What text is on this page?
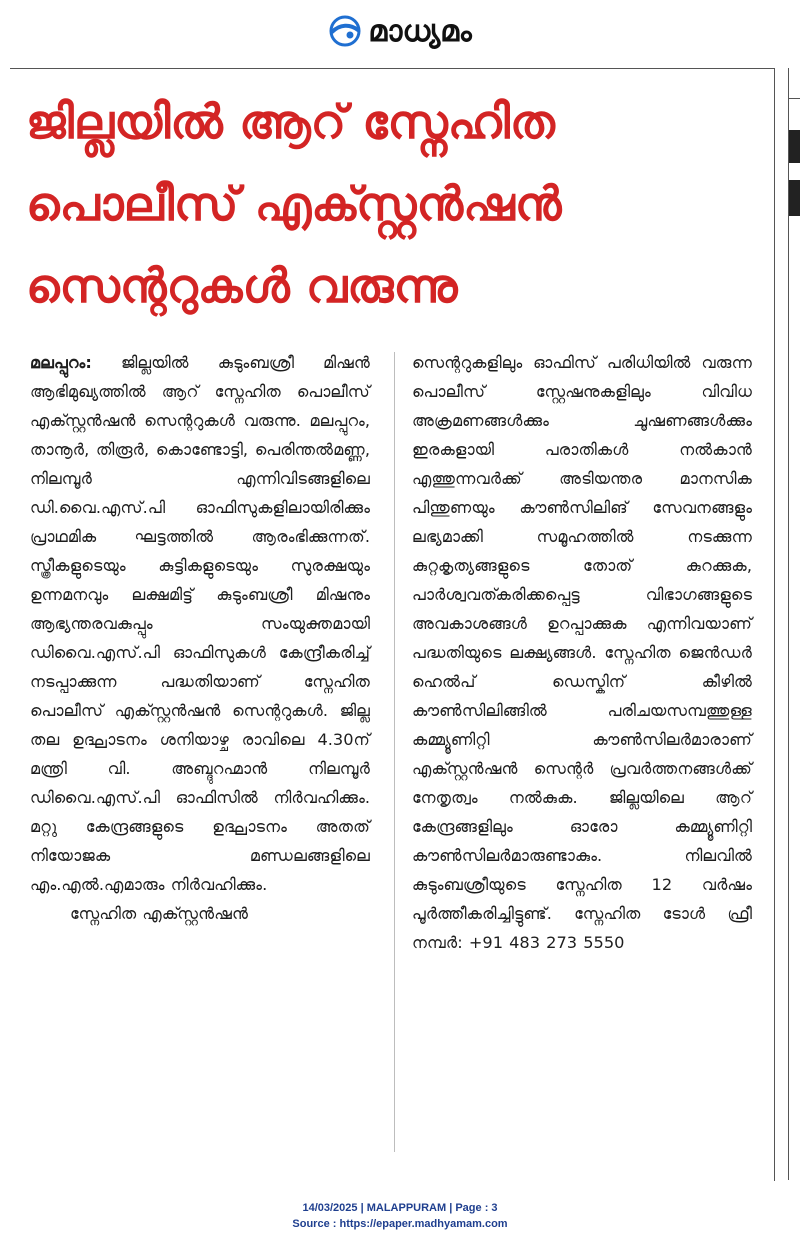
മാധ്യമം
ജില്ലയിൽ ആറ് സ്നേഹിത
പൊലീസ് എക്സ്റ്റൻഷൻ
സെന്ററുകൾ വരുന്നു
മലപ്പുറം: ജില്ലയിൽ കുടുംബശ്രീ മിഷൻ ആഭിമുഖ്യത്തിൽ ആറ് സ്നേഹിത പൊലീസ് എക്സ്റ്റൻഷൻ സെന്ററുകൾ വരുന്നു. മലപ്പുറം, താനൂർ, തിരൂർ, കൊണ്ടോട്ടി, പെരിന്തൽമണ്ണ, നിലമ്പൂർ എന്നിവിടങ്ങളിലെ ഡി.വൈ.എസ്.പി ഓഫിസുകളിലായിരിക്കും പ്രാഥമിക ഘട്ടത്തിൽ ആരംഭിക്കുന്നത്. സ്ത്രീകളുടെയും കുട്ടികളുടെയും സുരക്ഷയും ഉന്നമനവും ലക്ഷമിട്ട് കുടുംബശ്രീ മിഷനും ആഭ്യന്തരവകുപ്പും സംയുക്തമായി ഡിവൈ.എസ്.പി ഓഫിസുകൾ കേന്ദ്രീകരിച്ച് നടപ്പാക്കുന്ന പദ്ധതിയാണ് സ്നേഹിത പൊലീസ് എക്സ്റ്റൻഷൻ സെന്ററുകൾ. ജില്ല തല ഉദ്ഘാടനം ശനിയാഴ്ച രാവിലെ 4.30ന് മന്ത്രി വി. അബ്ദുറഹ്മാൻ നിലമ്പൂർ ഡിവൈ.എസ്.പി ഓഫിസിൽ നിർവഹിക്കും. മറ്റു കേന്ദ്രങ്ങളുടെ ഉദ്ഘാടനം അതത് നിയോജക മണ്ഡലങ്ങളിലെ എം.എൽ.എമാരും നിർവഹിക്കും.
സ്നേഹിത എക്സ്റ്റൻഷൻ
സെന്ററുകളിലും ഓഫിസ് പരിധിയിൽ വരുന്ന പൊലീസ് സ്റ്റേഷനുകളിലും വിവിധ അക്രമണങ്ങൾക്കും ചൂഷണങ്ങൾക്കും ഇരകളായി പരാതികൾ നൽകാൻ എത്തുന്നവർക്ക് അടിയന്തര മാനസിക പിന്തുണയും കൗൺസിലിങ് സേവനങ്ങളും ലഭ്യമാക്കി സമൂഹത്തിൽ നടക്കുന്ന കുറ്റകൃത്യങ്ങളുടെ തോത് കുറക്കുക, പാർശ്വവത്കരിക്കപ്പെട്ട വിഭാഗങ്ങളുടെ അവകാശങ്ങൾ ഉറപ്പാക്കുക എന്നിവയാണ് പദ്ധതിയുടെ ലക്ഷ്യങ്ങൾ. സ്നേഹിത ജെൻഡർ ഹെൽപ് ഡെസ്കിന് കീഴിൽ കൗൺസിലിങ്ങിൽ പരിചയസമ്പത്തുള്ള കമ്മ്യൂണിറ്റി കൗൺസിലർമാരാണ് എക്സ്റ്റൻഷൻ സെന്റർ പ്രവർത്തനങ്ങൾക്ക് നേതൃത്വം നൽകുക. ജില്ലയിലെ ആറ് കേന്ദ്രങ്ങളിലും ഓരോ കമ്മ്യൂണിറ്റി കൗൺസിലർമാരുണ്ടാകും. നിലവിൽ കുടുംബശ്രീയുടെ സ്നേഹിത 12 വർഷം പൂർത്തീകരിച്ചിട്ടുണ്ട്. സ്നേഹിത ടോൾ ഫ്രീ നമ്പർ: +91 483 273 5550
14/03/2025 | MALAPPURAM | Page : 3
Source : https://epaper.madhyamam.com
